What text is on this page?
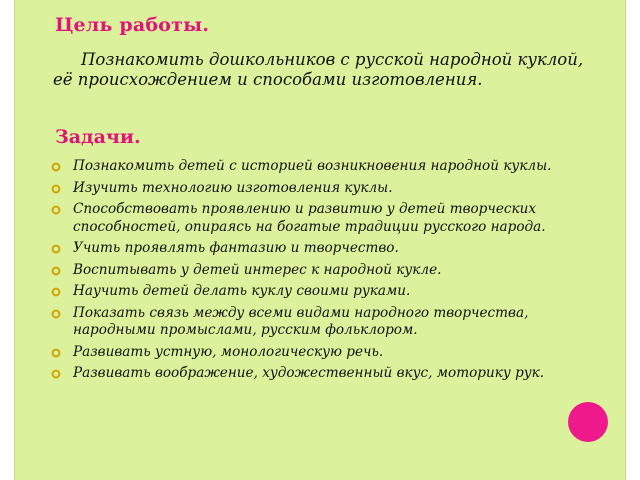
Цель работы.
Познакомить дошкольников с русской народной куклой, её происхождением и способами изготовления.
Задачи.
Познакомить детей с историей возникновения народной куклы.
Изучить технологию изготовления куклы.
Способствовать проявлению и развитию у детей творческих способностей, опираясь на богатые традиции русского народа.
Учить проявлять фантазию и творчество.
Воспитывать у детей интерес к народной кукле.
Научить детей делать куклу своими руками.
Показать связь между всеми видами народного творчества, народными промыслами, русским фольклором.
Развивать устную, монологическую речь.
Развивать воображение, художественный вкус, моторику рук.
